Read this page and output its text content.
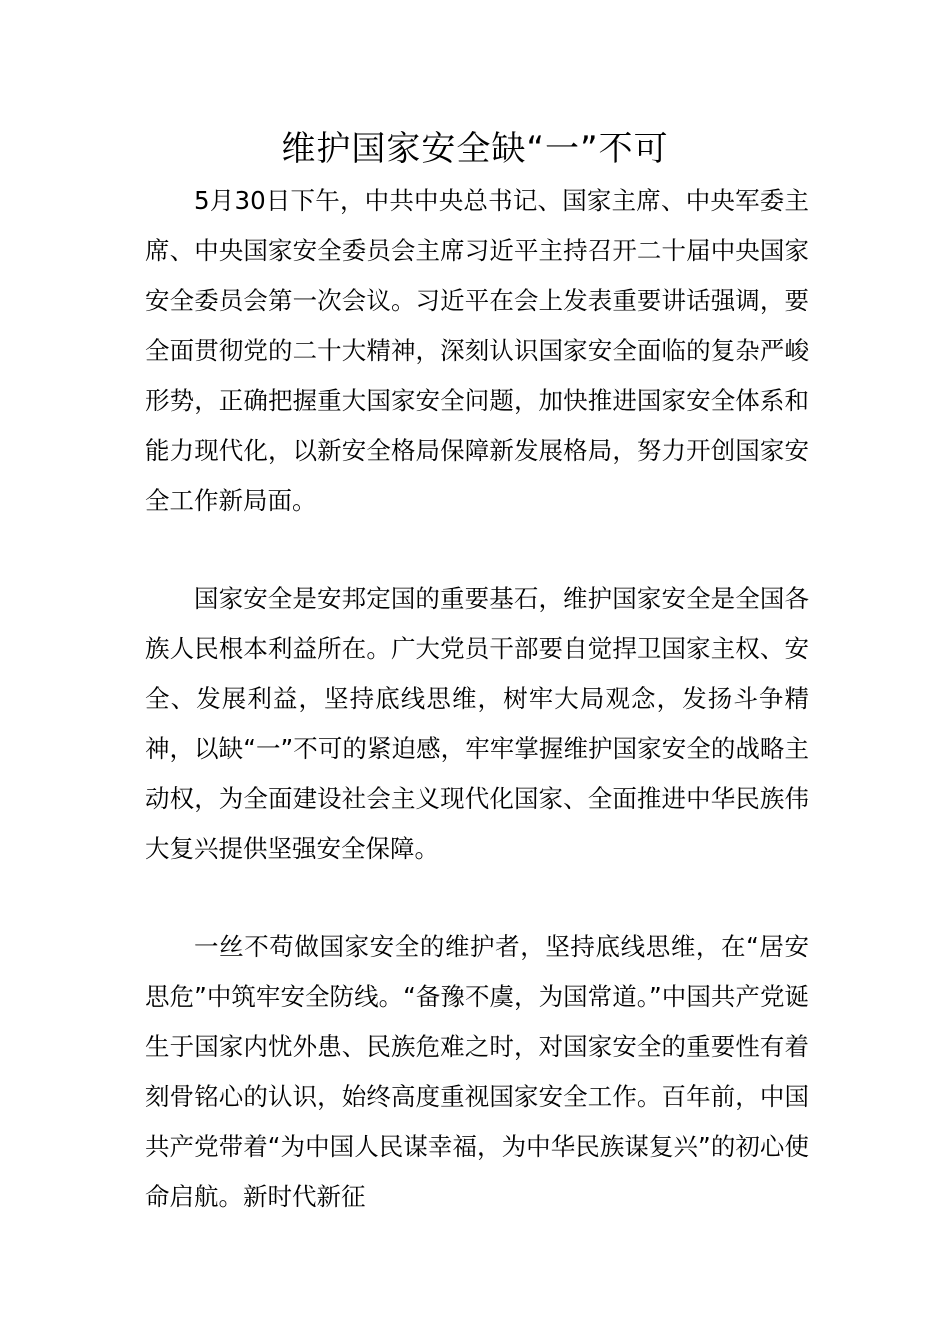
维护国家安全缺“一”不可

5月30日下午，中共中央总书记、国家主席、中央军委主席、中央国家安全委员会主席习近平主持召开二十届中央国家安全委员会第一次会议。习近平在会上发表重要讲话强调，要全面贯彻党的二十大精神，深刻认识国家安全面临的复杂严峻形势，正确把握重大国家安全问题，加快推进国家安全体系和能力现代化，以新安全格局保障新发展格局，努力开创国家安全工作新局面。

国家安全是安邦定国的重要基石，维护国家安全是全国各族人民根本利益所在。广大党员干部要自觉捍卫国家主权、安全、发展利益，坚持底线思维，树牢大局观念，发扬斗争精神，以缺“一”不可的紧迫感，牢牢掌握维护国家安全的战略主动权，为全面建设社会主义现代化国家、全面推进中华民族伟大复兴提供坚强安全保障。

一丝不苟做国家安全的维护者，坚持底线思维，在“居安思危”中筑牢安全防线。“备豫不虞，为国常道。”中国共产党诞生于国家内忧外患、民族危难之时，对国家安全的重要性有着刻骨铭心的认识，始终高度重视国家安全工作。百年前，中国共产党带着“为中国人民谋幸福，为中华民族谋复兴”的初心使命启航。新时代新征
